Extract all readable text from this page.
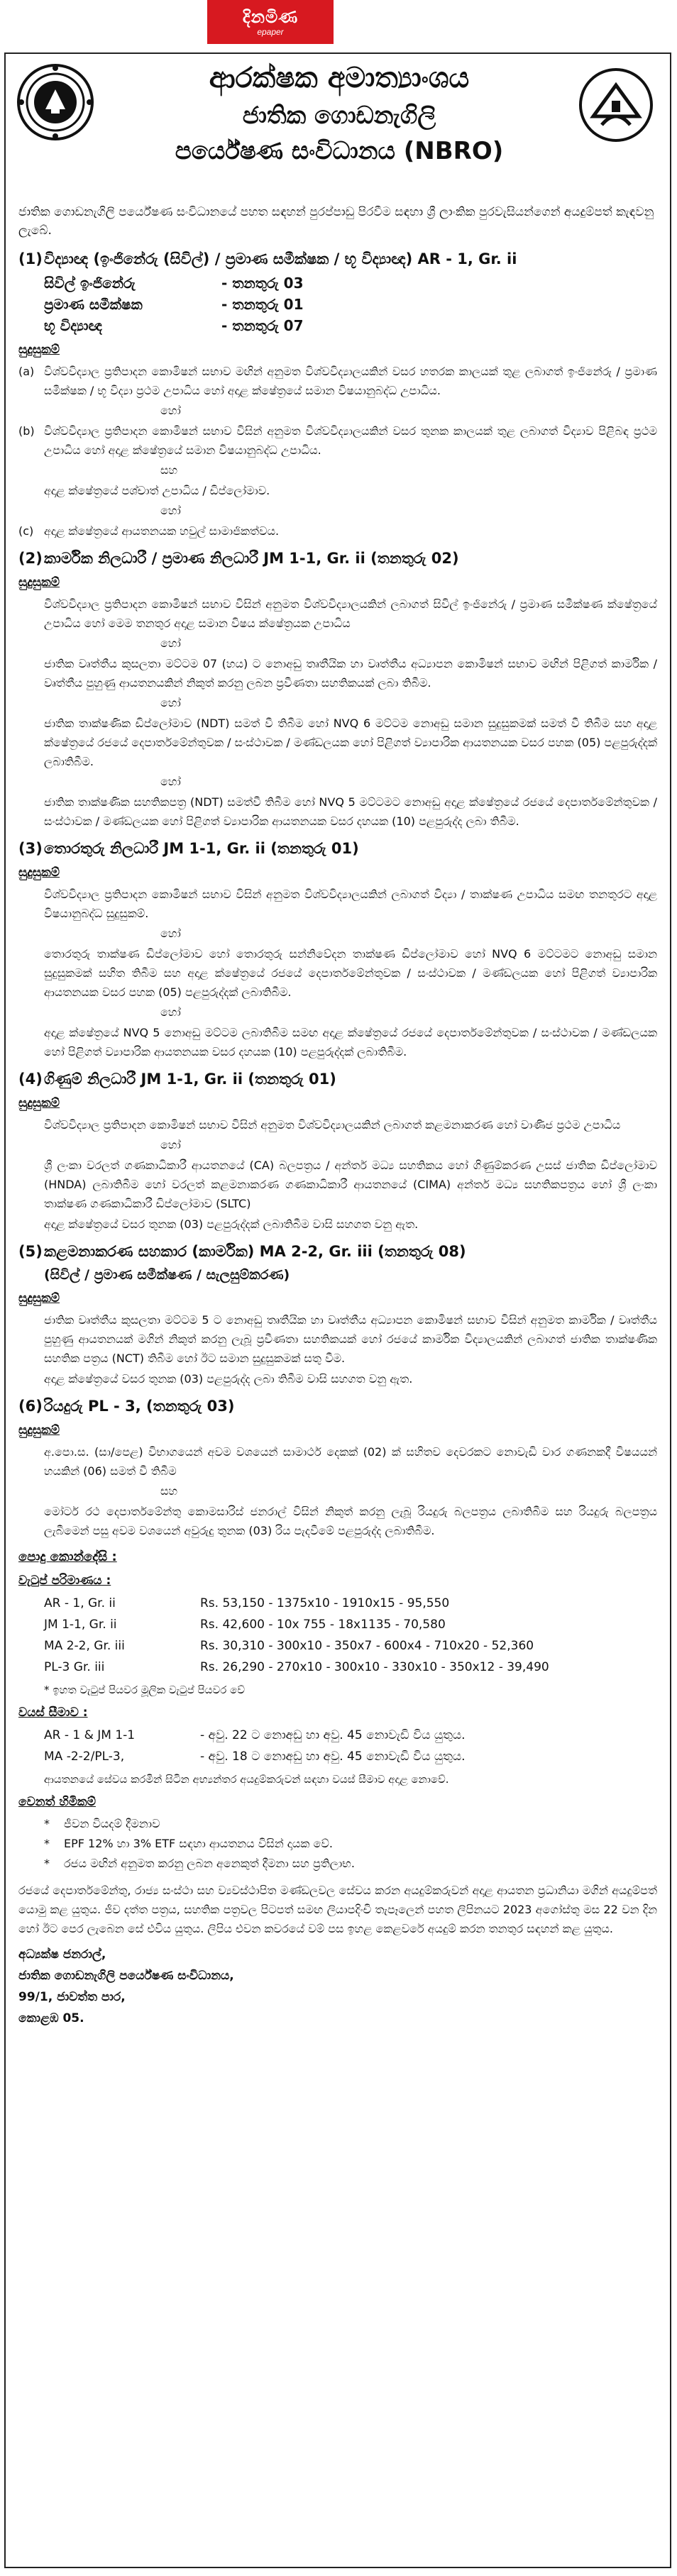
දිනමිණ
epaper

ආරක්ෂක අමාත්‍යාංශය

ජාතික ගොඩනැගිලි

පර්යේෂණ සංවිධානය (NBRO)

ජාතික ගොඩනැගිලි පර්යේෂණ සංවිධානයේ පහත සඳහන් පුරප්පාඩු පිරවීම සඳහා ශ්‍රී ලාංකික පුරවැසියන්ගෙන් අයදුම්පත් කැඳවනු ලැබේ.

(1) විද්‍යාඥ (ඉංජිනේරු (සිවිල්) / ප්‍රමාණ සමීක්ෂක / භූ විද්‍යාඥ) AR - 1, Gr. ii
සිවිල් ඉංජිනේරු	- තනතුරු 03
ප්‍රමාණ සමීක්ෂක	- තනතුරු 01
භූ විද්‍යාඥ	- තනතුරු 07
සුදුසුකම්
(a) විශ්වවිද්‍යාල ප්‍රතිපාදන කොමිෂන් සභාව මඟින් අනුමත විශ්වවිද්‍යාලයකින් වසර හතරක කාලයක් තුළ ලබාගත් ඉංජිනේරු / ප්‍රමාණ සමීක්ෂක / භූ විද්‍යා ප්‍රථම උපාධිය හෝ අදාළ ක්ෂේත්‍රයේ සමාන විෂයානුබද්ධ උපාධිය.
හෝ
(b) විශ්වවිද්‍යාල ප්‍රතිපාදන කොමිෂන් සභාව විසින් අනුමත විශ්වවිද්‍යාලයකින් වසර තුනක කාලයක් තුළ ලබාගත් විද්‍යාව පිළිබඳ ප්‍රථම උපාධිය හෝ අදාළ ක්ෂේත්‍රයේ සමාන විෂයානුබද්ධ උපාධිය.
සහ
අදාළ ක්ෂේත්‍රයේ පශ්චාත් උපාධිය / ඩිප්ලෝමාව.
හෝ
(c) අදාළ ක්ෂේත්‍රයේ ආයතනයක හවුල් සාමාජිකත්වය.
(2) කාර්මික නිලධාරී / ප්‍රමාණ නිලධාරී JM 1-1, Gr. ii (තනතුරු 02)
සුදුසුකම්
විශ්වවිද්‍යාල ප්‍රතිපාදන කොමිෂන් සභාව විසින් අනුමත විශ්වවිද්‍යාලයකින් ලබාගත් සිවිල් ඉංජිනේරු / ප්‍රමාණ සමීක්ෂණ ක්ෂේත්‍රයේ උපාධිය හෝ මෙම තනතුර අදාළ සමාන විෂය ක්ෂේත්‍රයක උපාධිය
හෝ
ජාතික වෘත්තීය කුසලතා මට්ටම 07 (හය) ට නොඅඩු තෘතීයික හා වෘත්තීය අධ්‍යාපන කොමිෂන් සභාව මඟින් පිළිගත් කාර්මික / වෘත්තීය පුහුණු ආයතනයකින් නිකුත් කරනු ලබන ප්‍රවීණතා සහතිකයක් ලබා තිබීම.
හෝ
ජාතික තාක්ෂණික ඩිප්ලෝමාව (NDT) සමත් වී තිබීම හෝ NVQ 6 මට්ටම නොඅඩු සමාන සුදුසුකමක් සමත් වී තිබීම සහ අදාළ ක්ෂේත්‍රයේ රජයේ දෙපාර්තමේන්තුවක / සංස්ථාවක / මණ්ඩලයක හෝ පිළිගත් ව්‍යාපාරික ආයතනයක වසර පහක (05) පළපුරුද්දක් ලබාතිබීම.
හෝ
ජාතික තාක්ෂණික සහතිකපත්‍ර (NDT) සමත්වී තිබීම හෝ NVQ 5 මට්ටමට නොඅඩු අදාළ ක්ෂේත්‍රයේ රජයේ දෙපාර්තමේන්තුවක / සංස්ථාවක / මණ්ඩලයක හෝ පිළිගත් ව්‍යාපාරික ආයතනයක වසර දහයක (10) පළපුරුද්ද ලබා තිබීම.
(3) තොරතුරු නිලධාරී JM 1-1, Gr. ii (තනතුරු 01)
සුදුසුකම්
විශ්වවිද්‍යාල ප්‍රතිපාදන කොමිෂන් සභාව විසින් අනුමත විශ්වවිද්‍යාලයකින් ලබාගත් විද්‍යා / තාක්ෂණ උපාධිය සමඟ තනතුරට අදාළ විෂයානුබද්ධ සුදුසුකම්.
හෝ
තොරතුරු තාක්ෂණ ඩිප්ලෝමාව හෝ තොරතුරු සන්නිවේදන තාක්ෂණ ඩිප්ලෝමාව හෝ NVQ 6 මට්ටමට නොඅඩු සමාන සුදුසුකමක් සහිත තිබීම සහ අදාළ ක්ෂේත්‍රයේ රජයේ දෙපාර්තමේන්තුවක / සංස්ථාවක / මණ්ඩලයක හෝ පිළිගත් ව්‍යාපාරික ආයතනයක වසර පහක (05) පළපුරුද්දක් ලබාතිබීම.
හෝ
අදාළ ක්ෂේත්‍රයේ NVQ 5 නොඅඩු මට්ටම ලබාතිබීම සමඟ අදාළ ක්ෂේත්‍රයේ රජයේ දෙපාර්තමේන්තුවක / සංස්ථාවක / මණ්ඩලයක හෝ පිළිගත් ව්‍යාපාරික ආයතනයක වසර දහයක (10) පළපුරුද්දක් ලබාතිබීම.
(4) ගිණුම් නිලධාරී JM 1-1, Gr. ii (තනතුරු 01)
සුදුසුකම්
විශ්වවිද්‍යාල ප්‍රතිපාදන කොමිෂන් සභාව විසින් අනුමත විශ්වවිද්‍යාලයකින් ලබාගත් කළමනාකරණ හෝ වාණිජ ප්‍රථම උපාධිය
හෝ
ශ්‍රී ලංකා වරලත් ගණකාධිකාරී ආයතනයේ (CA) බලපත්‍රය / අන්තර් මධ්‍ය සහතිකය හෝ ගිණුම්කරණ උසස් ජාතික ඩිප්ලෝමාව (HNDA) ලබාතිබීම හෝ වරලත් කළමනාකරණ ගණකාධිකාරී ආයතනයේ (CIMA) අන්තර් මධ්‍ය සහතිකපත්‍රය හෝ ශ්‍රී ලංකා තාක්ෂණ ගණකාධිකාරී ඩිප්ලෝමාව (SLTC)
අදාළ ක්ෂේත්‍රයේ වසර තුනක (03) පළපුරුද්දක් ලබාතිබීම වාසි සහගත වනු ඇත.
(5) කළමනාකරණ සහකාර (කාර්මික) MA 2-2, Gr. iii (තනතුරු 08)
(සිවිල් / ප්‍රමාණ සමීක්ෂණ / සැලසුම්කරණ)
සුදුසුකම්
ජාතික වෘත්තීය කුසලතා මට්ටම 5 ට නොඅඩු තෘතීයික හා වෘත්තීය අධ්‍යාපන කොමිෂන් සභාව විසින් අනුමත කාර්මික / වෘත්තීය පුහුණු ආයතනයක් මගින් නිකුත් කරනු ලැබූ ප්‍රවීණතා සහතිකයක් හෝ රජයේ කාර්මික විද්‍යාලයකින් ලබාගත් ජාතික තාක්ෂණික සහතික පත්‍රය (NCT) තිබීම හෝ ඊට සමාන සුදුසුකමක් සතු වීම.
අදාළ ක්ෂේත්‍රයේ වසර තුනක (03) පළපුරුද්ද ලබා තිබීම වාසි සහගත වනු ඇත.
(6) රියදුරු PL - 3, (තනතුරු 03)
සුදුසුකම්
අ.පො.ස. (සා/පෙළ) විභාගයෙන් අවම වශයෙන් සාමාර්ථ දෙකක් (02) ක් සහිතව දෙවරකට නොවැඩි වාර ගණනකදී විෂයයන් හයකින් (06) සමත් වී තිබීම
සහ
මෝටර් රථ දෙපාර්තමේන්තු කොමසාරිස් ජනරාල් විසින් නිකුත් කරනු ලැබූ රියදුරු බලපත්‍රය ලබාතිබීම සහ රියදුරු බලපත්‍රය ලැබීමෙන් පසු අවම වශයෙන් අවුරුදු තුනක (03) රිය පැදවීමේ පළපුරුද්ද ලබාතිබීම.
පොදු කොන්දේසි :
වැටුප් පරිමාණය :
AR - 1, Gr. ii	Rs. 53,150 - 1375x10 - 1910x15 - 95,550
JM 1-1, Gr. ii	Rs. 42,600 - 10x 755 - 18x1135 - 70,580
MA 2-2, Gr. iii	Rs. 30,310 - 300x10 - 350x7 - 600x4 - 710x20 - 52,360
PL-3 Gr. iii	Rs. 26,290 - 270x10 - 300x10 - 330x10 - 350x12 - 39,490
* ඉහත වැටුප් පියවර මූලික වැටුප් පියවර වේ
වයස් සීමාව :
AR - 1 & JM 1-1	- අවු. 22 ට නොඅඩු හා අවු. 45 නොවැඩි විය යුතුය.
MA -2-2/PL-3,	- අවු. 18 ට නොඅඩු හා අවු. 45 නොවැඩි විය යුතුය.
ආයතනයේ සේවය කරමින් සිටින අභ්‍යන්තර අයදුම්කරුවන් සඳහා වයස් සීමාව අදාළ නොවේ.
වෙනත් හිමිකම්
*	ජීවන වියදම් දීමනාව
*	EPF 12% හා 3% ETF සඳහා ආයතනය විසින් දායක වේ.
*	රජය මඟින් අනුමත කරනු ලබන අනෙකුත් දීමනා සහ ප්‍රතිලාභ.

රජයේ දෙපාර්තමේන්තු, රාජ්‍ය සංස්ථා සහ ව්‍යවස්ථාපිත මණ්ඩලවල සේවය කරන අයදුම්කරුවන් අදාළ ආයතන ප්‍රධානියා මගින් අයදුම්පත් යොමු කළ යුතුය. ජීව දත්ත පත්‍රය, සහතික පත්‍රවල පිටපත් සමඟ ලියාපදිංචි තැපෑලෙන් පහත ලිපිනයට 2023 අගෝස්තු මස 22 වන දින හෝ ඊට පෙර ලැබෙන සේ එවිය යුතුය. ලිපිය එවන කවරයේ වම් පස ඉහළ කෙළවරේ අයදුම් කරන තනතුර සඳහන් කළ යුතුය.

අධ්‍යක්ෂ ජනරාල්,

ජාතික ගොඩනැගිලි පර්යේෂණ සංවිධානය,

99/1, ජාවත්ත පාර,

කොළඹ 05.
